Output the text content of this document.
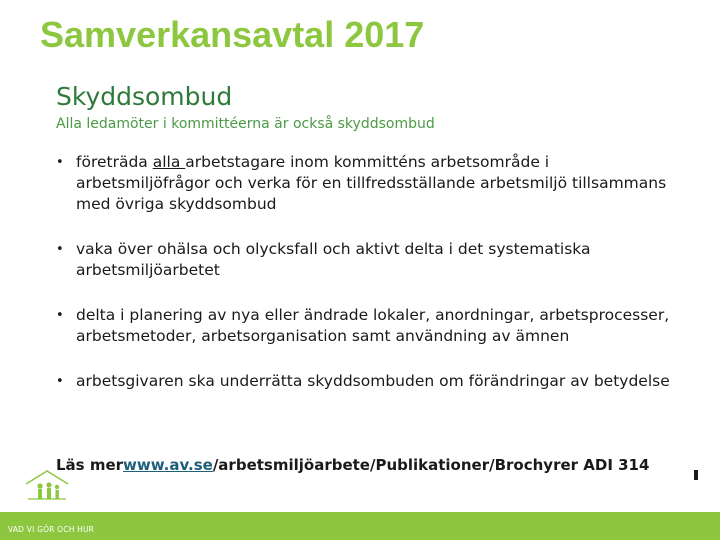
Samverkansavtal 2017
Skyddsombud
Alla ledamöter i kommittéerna är också skyddsombud
• företräda alla arbetstagare inom kommitténs arbetsområde i arbetsmiljöfrågor och verka för en tillfredsställande arbetsmiljö tillsammans med övriga skyddsombud
• vaka över ohälsa och olycksfall och aktivt delta i det systematiska arbetsmiljöarbetet
• delta i planering av nya eller ändrade lokaler, anordningar, arbetsprocesser, arbetsmetoder, arbetsorganisation samt användning av ämnen
• arbetsgivaren ska underrätta skyddsombuden om förändringar av betydelse
Läs merwww.av.se/arbetsmiljöarbete/Publikationer/Brochyrer ADI 314
VAD VI GÖR OCH HUR
